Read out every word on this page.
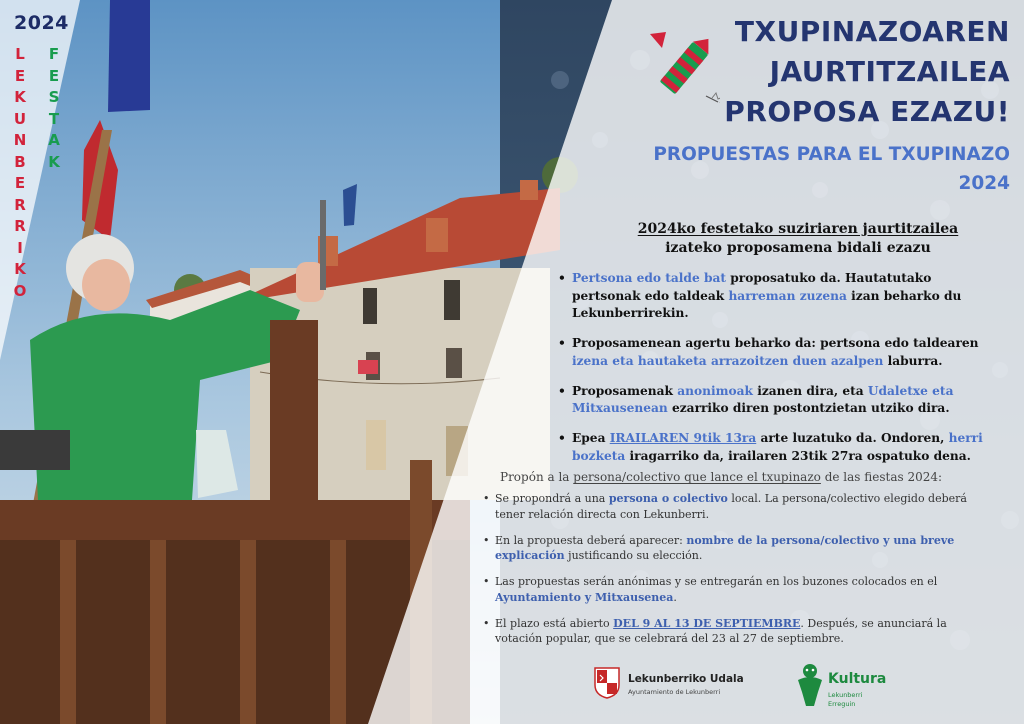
2024
L
E
K
U
N
B
E
R
R
I
K
O
F
E
S
T
A
K
TXUPINAZOAREN
JAURTITZAILEA
PROPOSA EZAZU!
PROPUESTAS PARA EL TXUPINAZO
2024
2024ko festetako suziriaren jaurtitzailea
izateko proposamena bidali ezazu
• Pertsona edo talde bat proposatuko da. Hautatutako pertsonak edo taldeak harreman zuzena izan beharko du Lekunberrirekin.
• Proposamenean agertu beharko da: pertsona edo taldearen izena eta hautaketa arrazoitzen duen azalpen laburra.
• Proposamenak anonimoak izanen dira, eta Udaletxe eta Mitxausenean ezarriko diren postontzietan utziko dira.
• Epea IRAILAREN 9tik 13ra arte luzatuko da. Ondoren, herri bozketa iragarriko da, irailaren 23tik 27ra ospatuko dena.
Propón a la persona/colectivo que lance el txupinazo de las fiestas 2024:
• Se propondrá a una persona o colectivo local. La persona/colectivo elegido deberá tener relación directa con Lekunberri.
• En la propuesta deberá aparecer: nombre de la persona/colectivo y una breve explicación justificando su elección.
• Las propuestas serán anónimas y se entregarán en los buzones colocados en el Ayuntamiento y Mitxausenea.
• El plazo está abierto DEL 9 AL 13 DE SEPTIEMBRE. Después, se anunciará la votación popular, que se celebrará del 23 al 27 de septiembre.
Lekunberriko Udala
Ayuntamiento de Lekunberri
Kultura
Lekunberri
Erreguin
